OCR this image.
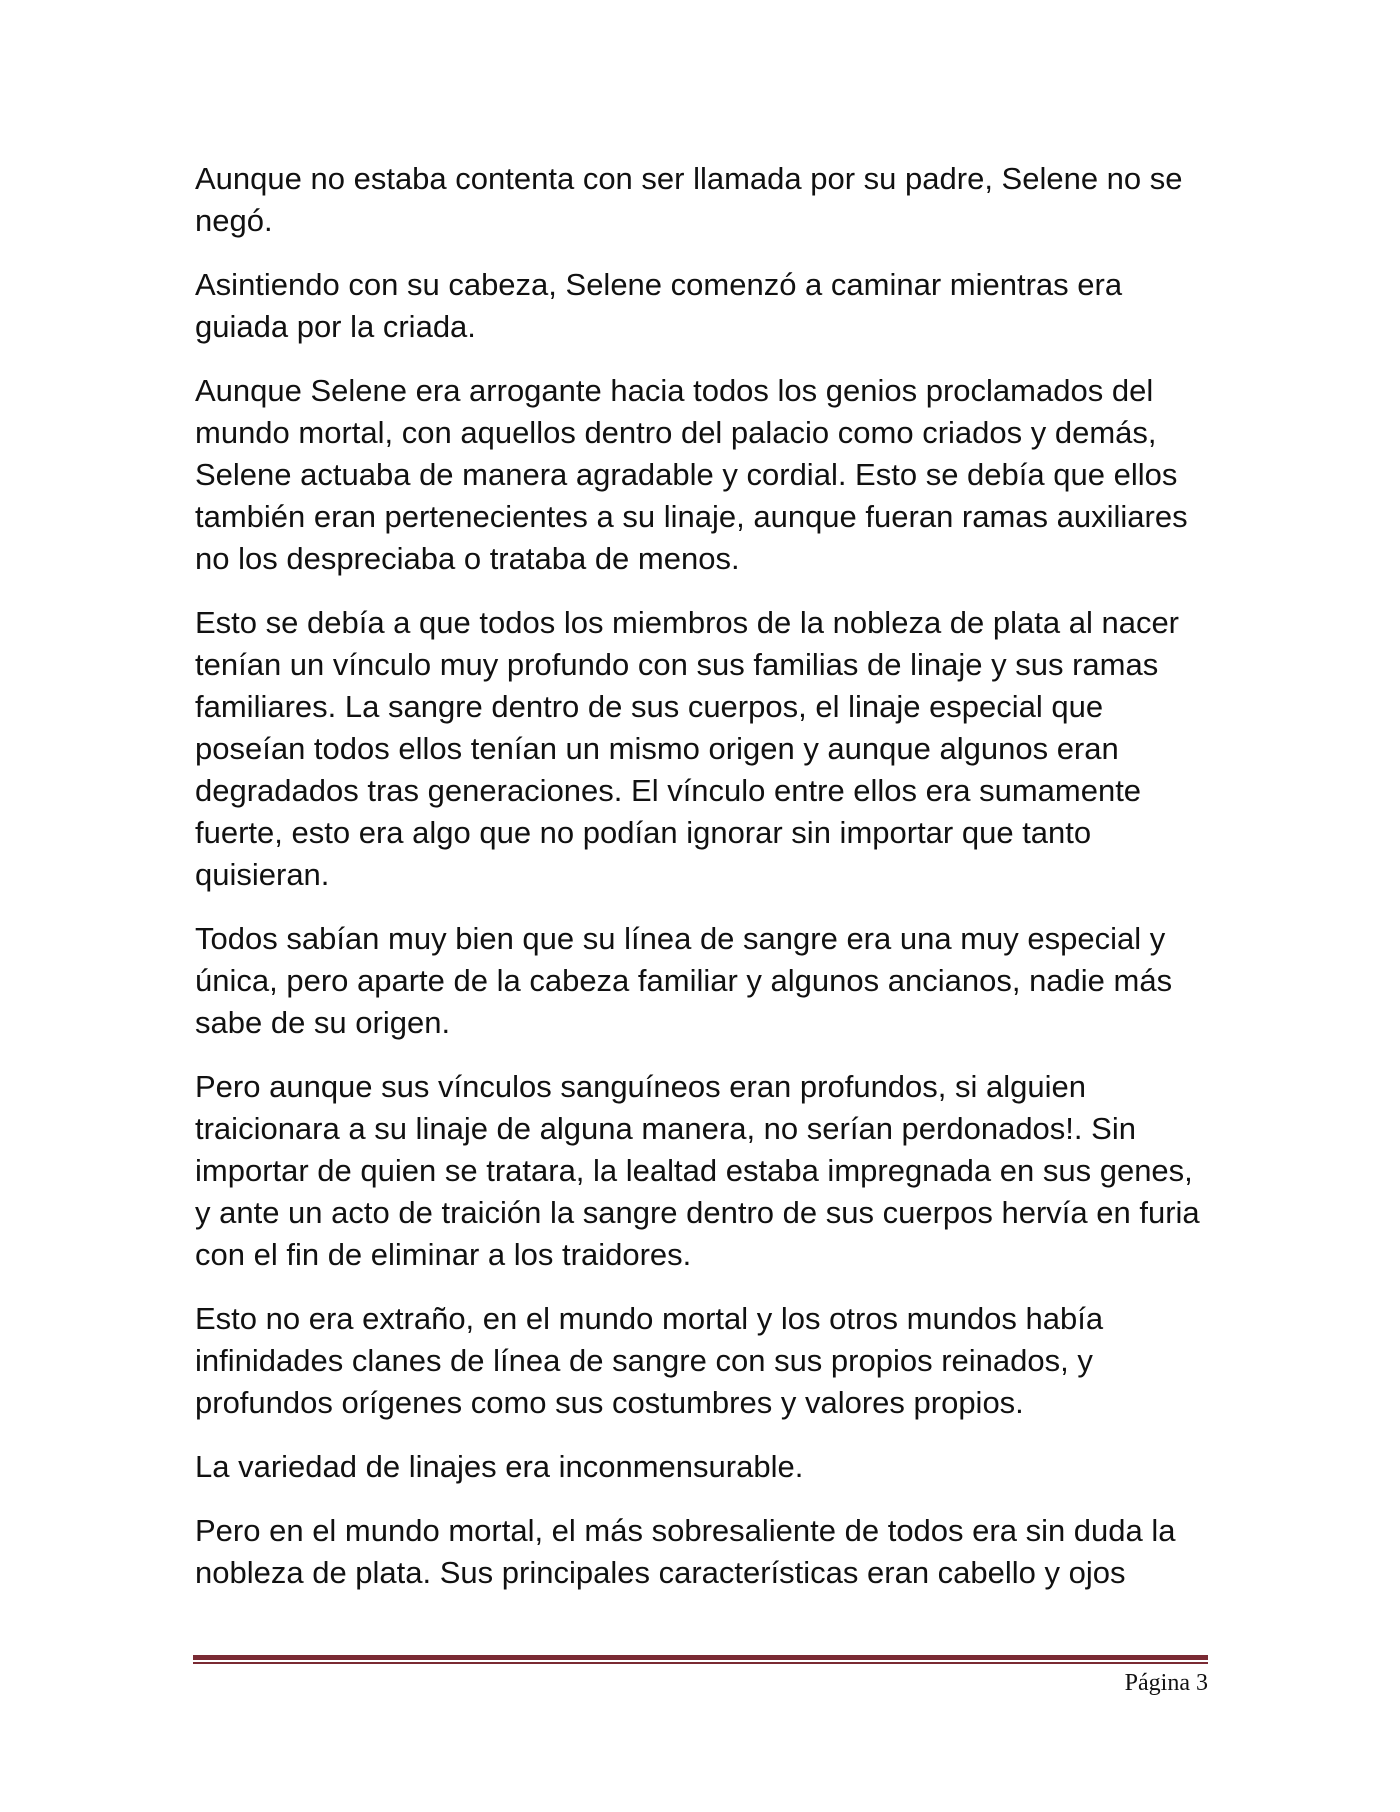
Aunque no estaba contenta con ser llamada por su padre, Selene no se negó.

Asintiendo con su cabeza, Selene comenzó a caminar mientras era guiada por la criada.

Aunque Selene era arrogante hacia todos los genios proclamados del mundo mortal, con aquellos dentro del palacio como criados y demás, Selene actuaba de manera agradable y cordial. Esto se debía que ellos también eran pertenecientes a su linaje, aunque fueran ramas auxiliares no los despreciaba o trataba de menos.

Esto se debía a que todos los miembros de la nobleza de plata al nacer tenían un vínculo muy profundo con sus familias de linaje y sus ramas familiares. La sangre dentro de sus cuerpos, el linaje especial que poseían todos ellos tenían un mismo origen y aunque algunos eran degradados tras generaciones. El vínculo entre ellos era sumamente fuerte, esto era algo que no podían ignorar sin importar que tanto quisieran.

Todos sabían muy bien que su línea de sangre era una muy especial y única, pero aparte de la cabeza familiar y algunos ancianos, nadie más sabe de su origen.

Pero aunque sus vínculos sanguíneos eran profundos, si alguien traicionara a su linaje de alguna manera, no serían perdonados!. Sin importar de quien se tratara, la lealtad estaba impregnada en sus genes, y ante un acto de traición la sangre dentro de sus cuerpos hervía en furia con el fin de eliminar a los traidores.

Esto no era extraño, en el mundo mortal y los otros mundos había infinidades clanes de línea de sangre con sus propios reinados, y profundos orígenes como sus costumbres y valores propios.

La variedad de linajes era inconmensurable.

Pero en el mundo mortal, el más sobresaliente de todos era sin duda la nobleza de plata. Sus principales características eran cabello y ojos

Página 3
